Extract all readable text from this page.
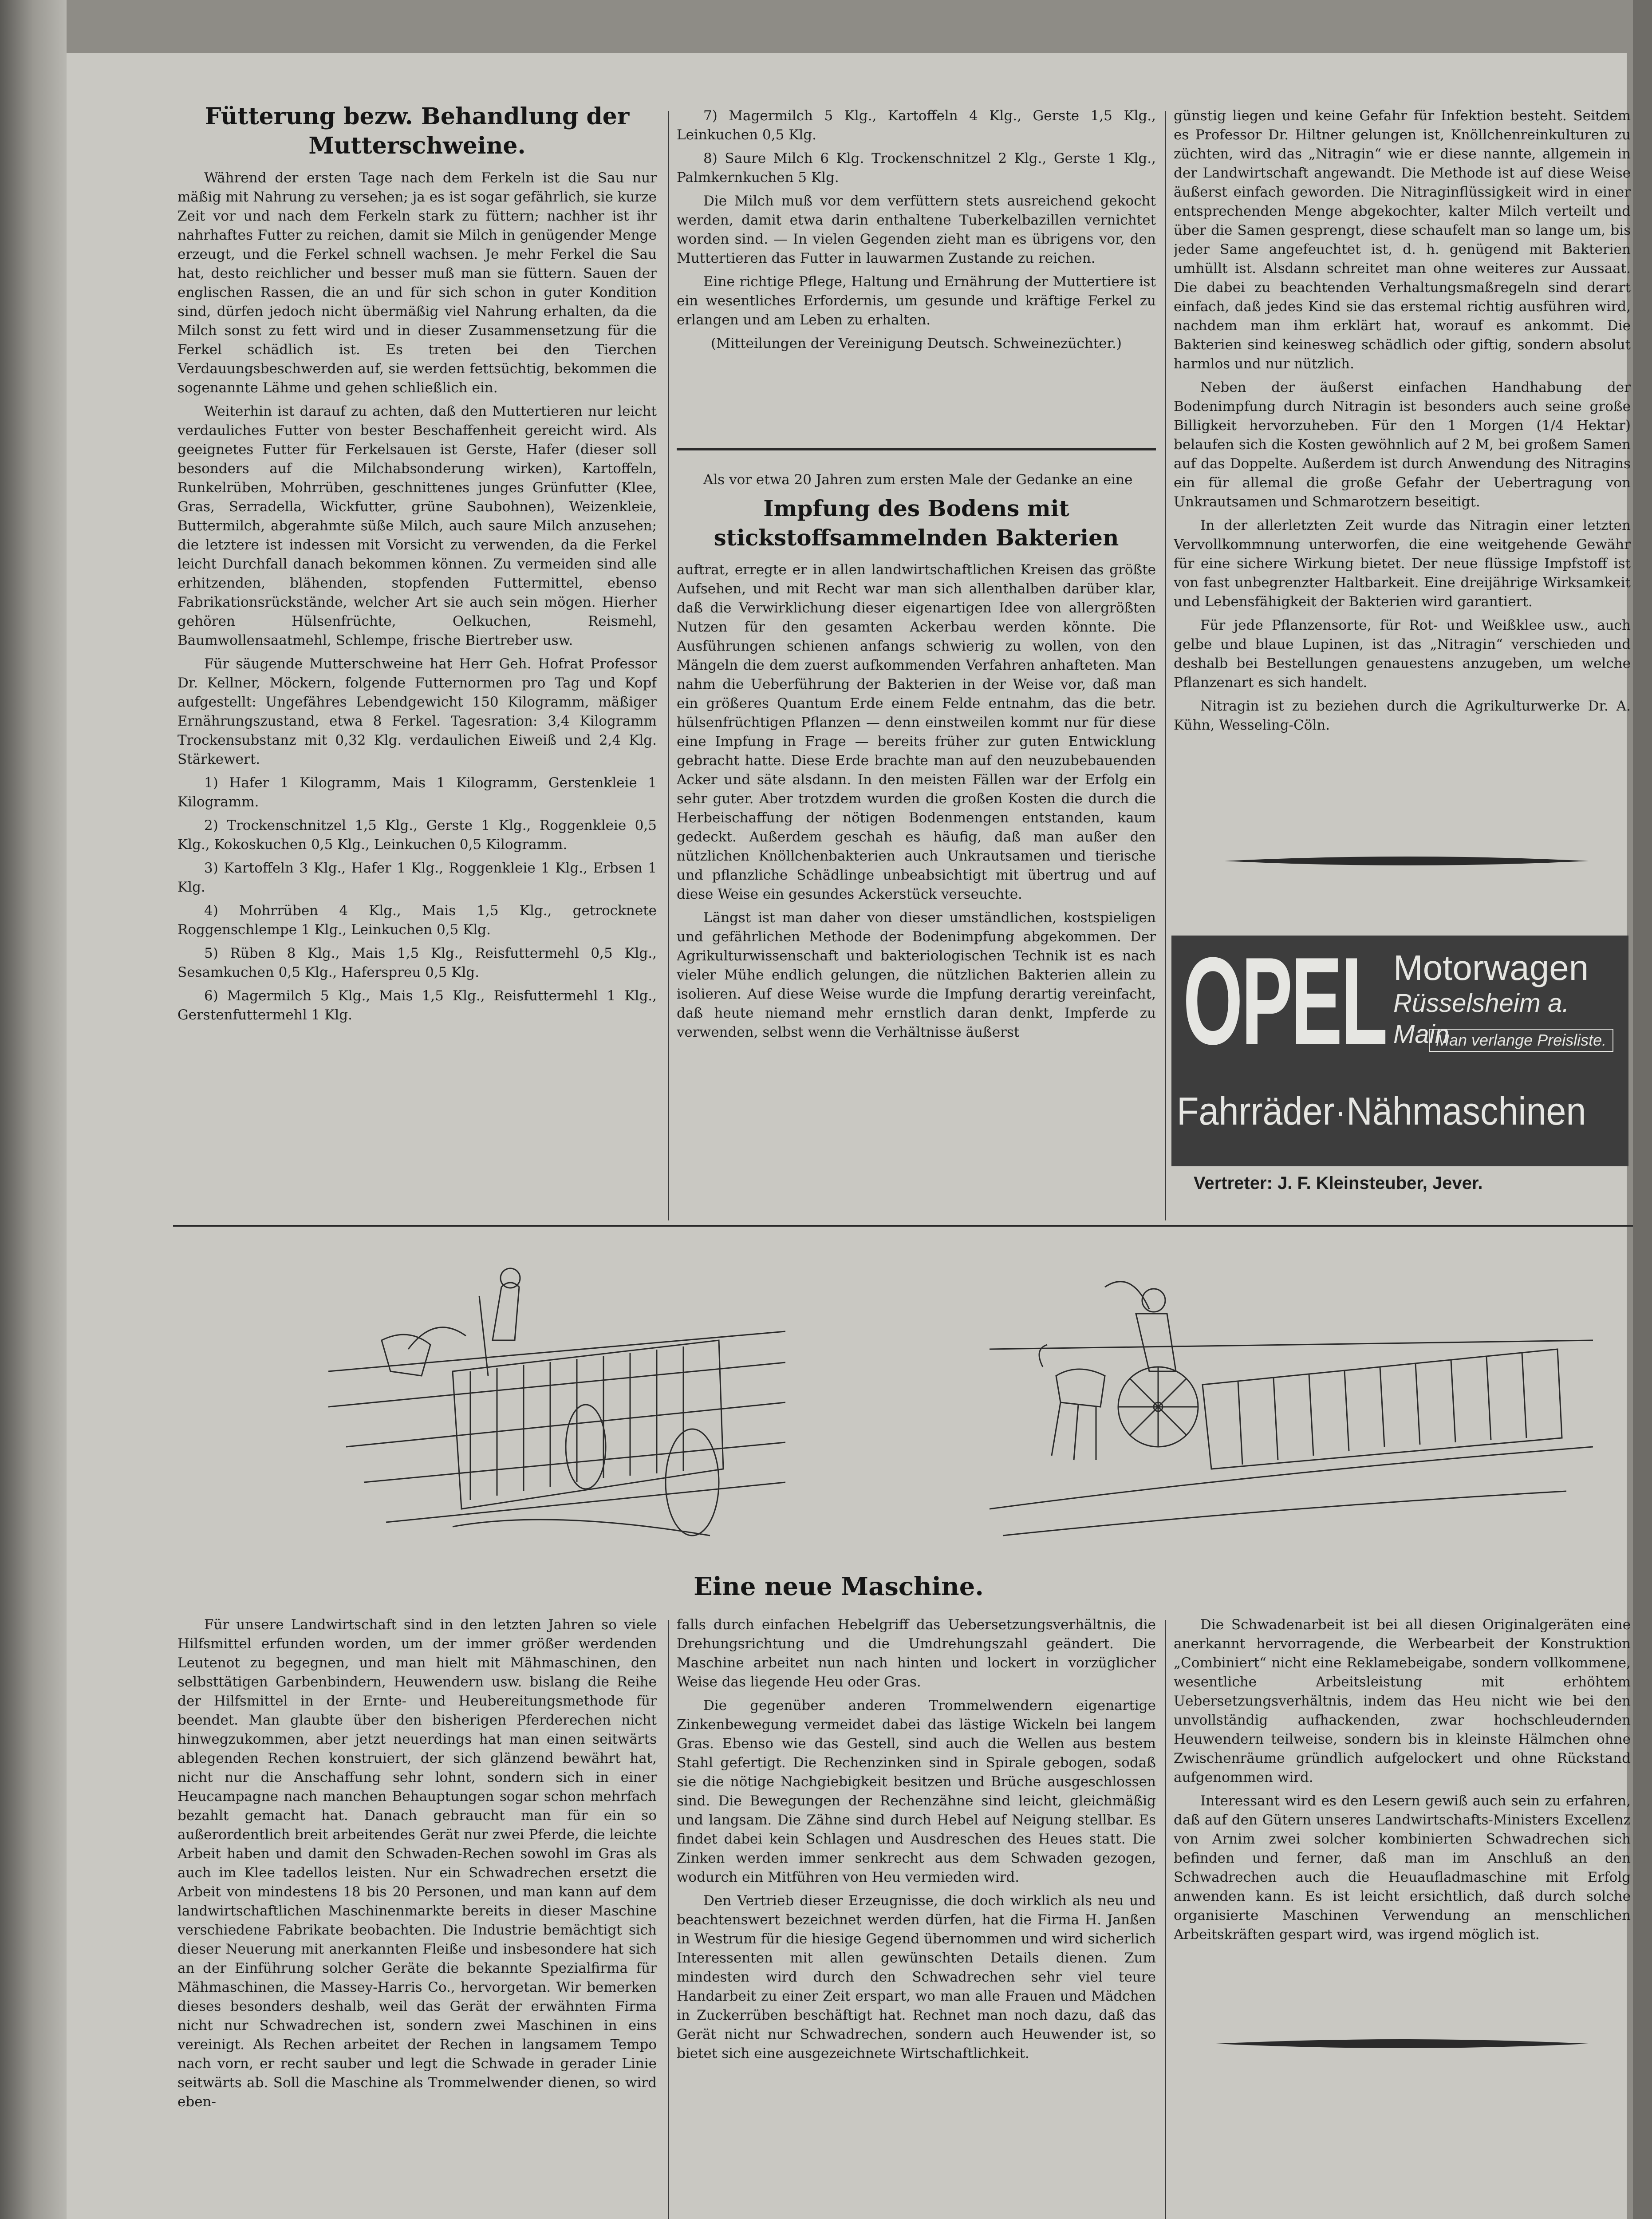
Fütterung bezw. Behandlung der Mutterschweine.

Während der ersten Tage nach dem Ferkeln ist die Sau nur mäßig mit Nahrung zu versehen; ja es ist sogar gefährlich, sie kurze Zeit vor und nach dem Ferkeln stark zu füttern; nachher ist ihr nahrhaftes Futter zu reichen, damit sie Milch in genügender Menge erzeugt, und die Ferkel schnell wachsen. Je mehr Ferkel die Sau hat, desto reichlicher und besser muß man sie füttern. Sauen der englischen Rassen, die an und für sich schon in guter Kondition sind, dürfen jedoch nicht übermäßig viel Nahrung erhalten, da die Milch sonst zu fett wird und in dieser Zusammensetzung für die Ferkel schädlich ist. Es treten bei den Tierchen Verdauungsbeschwerden auf, sie werden fettsüchtig, bekommen die sogenannte Lähme und gehen schließlich ein.

Weiterhin ist darauf zu achten, daß den Muttertieren nur leicht verdauliches Futter von bester Beschaffenheit gereicht wird. Als geeignetes Futter für Ferkelsauen ist Gerste, Hafer (dieser soll besonders auf die Milchabsonderung wirken), Kartoffeln, Runkelrüben, Mohrrüben, geschnittenes junges Grünfutter (Klee, Gras, Serradella, Wickfutter, grüne Saubohnen), Weizenkleie, Buttermilch, abgerahmte süße Milch, auch saure Milch anzusehen; die letztere ist indessen mit Vorsicht zu verwenden, da die Ferkel leicht Durchfall danach bekommen können. Zu vermeiden sind alle erhitzenden, blähenden, stopfenden Futtermittel, ebenso Fabrikationsrückstände, welcher Art sie auch sein mögen. Hierher gehören Hülsenfrüchte, Oelkuchen, Reismehl, Baumwollensaatmehl, Schlempe, frische Biertreber usw.

Für säugende Mutterschweine hat Herr Geh. Hofrat Professor Dr. Kellner, Möckern, folgende Futternormen pro Tag und Kopf aufgestellt: Ungefähres Lebendgewicht 150 Kilogramm, mäßiger Ernährungszustand, etwa 8 Ferkel. Tagesration: 3,4 Kilogramm Trockensubstanz mit 0,32 Klg. verdaulichen Eiweiß und 2,4 Klg. Stärkewert.

1) Hafer 1 Kilogramm, Mais 1 Kilogramm, Gerstenkleie 1 Kilogramm.

2) Trockenschnitzel 1,5 Klg., Gerste 1 Klg., Roggenkleie 0,5 Klg., Kokoskuchen 0,5 Klg., Leinkuchen 0,5 Kilogramm.

3) Kartoffeln 3 Klg., Hafer 1 Klg., Roggenkleie 1 Klg., Erbsen 1 Klg.

4) Mohrrüben 4 Klg., Mais 1,5 Klg., getrocknete Roggenschlempe 1 Klg., Leinkuchen 0,5 Klg.

5) Rüben 8 Klg., Mais 1,5 Klg., Reisfuttermehl 0,5 Klg., Sesamkuchen 0,5 Klg., Haferspreu 0,5 Klg.

6) Magermilch 5 Klg., Mais 1,5 Klg., Reisfuttermehl 1 Klg., Gerstenfuttermehl 1 Klg.

7) Magermilch 5 Klg., Kartoffeln 4 Klg., Gerste 1,5 Klg., Leinkuchen 0,5 Klg.

8) Saure Milch 6 Klg. Trockenschnitzel 2 Klg., Gerste 1 Klg., Palmkernkuchen 5 Klg.

Die Milch muß vor dem verfüttern stets ausreichend gekocht werden, damit etwa darin enthaltene Tuberkelbazillen vernichtet worden sind. — In vielen Gegenden zieht man es übrigens vor, den Muttertieren das Futter in lauwarmen Zustande zu reichen.

Eine richtige Pflege, Haltung und Ernährung der Muttertiere ist ein wesentliches Erfordernis, um gesunde und kräftige Ferkel zu erlangen und am Leben zu erhalten.

(Mitteilungen der Vereinigung Deutsch. Schweinezüchter.)

Als vor etwa 20 Jahren zum ersten Male der Gedanke an eine

Impfung des Bodens mit stickstoffsammelnden Bakterien

auftrat, erregte er in allen landwirtschaftlichen Kreisen das größte Aufsehen, und mit Recht war man sich allenthalben darüber klar, daß die Verwirklichung dieser eigenartigen Idee von allergrößten Nutzen für den gesamten Ackerbau werden könnte. Die Ausführungen schienen anfangs schwierig zu wollen, von den Mängeln die dem zuerst aufkommenden Verfahren anhafteten. Man nahm die Ueberführung der Bakterien in der Weise vor, daß man ein größeres Quantum Erde einem Felde entnahm, das die betr. hülsenfrüchtigen Pflanzen — denn einstweilen kommt nur für diese eine Impfung in Frage — bereits früher zur guten Entwicklung gebracht hatte. Diese Erde brachte man auf den neuzubebauenden Acker und säte alsdann. In den meisten Fällen war der Erfolg ein sehr guter. Aber trotzdem wurden die großen Kosten die durch die Herbeischaffung der nötigen Bodenmengen entstanden, kaum gedeckt. Außerdem geschah es häufig, daß man außer den nützlichen Knöllchenbakterien auch Unkrautsamen und tierische und pflanzliche Schädlinge unbeabsichtigt mit übertrug und auf diese Weise ein gesundes Ackerstück verseuchte.

Längst ist man daher von dieser umständlichen, kostspieligen und gefährlichen Methode der Bodenimpfung abgekommen. Der Agrikulturwissenschaft und bakteriologischen Technik ist es nach vieler Mühe endlich gelungen, die nützlichen Bakterien allein zu isolieren. Auf diese Weise wurde die Impfung derartig vereinfacht, daß heute niemand mehr ernstlich daran denkt, Impferde zu verwenden, selbst wenn die Verhältnisse äußerst

günstig liegen und keine Gefahr für Infektion besteht. Seitdem es Professor Dr. Hiltner gelungen ist, Knöllchenreinkulturen zu züchten, wird das „Nitragin“ wie er diese nannte, allgemein in der Landwirtschaft angewandt. Die Methode ist auf diese Weise äußerst einfach geworden. Die Nitraginflüssigkeit wird in einer entsprechenden Menge abgekochter, kalter Milch verteilt und über die Samen gesprengt, diese schaufelt man so lange um, bis jeder Same angefeuchtet ist, d. h. genügend mit Bakterien umhüllt ist. Alsdann schreitet man ohne weiteres zur Aussaat. Die dabei zu beachtenden Verhaltungsmaßregeln sind derart einfach, daß jedes Kind sie das erstemal richtig ausführen wird, nachdem man ihm erklärt hat, worauf es ankommt. Die Bakterien sind keinesweg schädlich oder giftig, sondern absolut harmlos und nur nützlich.

Neben der äußerst einfachen Handhabung der Bodenimpfung durch Nitragin ist besonders auch seine große Billigkeit hervorzuheben. Für den 1 Morgen (1/4 Hektar) belaufen sich die Kosten gewöhnlich auf 2 M, bei großem Samen auf das Doppelte. Außerdem ist durch Anwendung des Nitragins ein für allemal die große Gefahr der Uebertragung von Unkrautsamen und Schmarotzern beseitigt.

In der allerletzten Zeit wurde das Nitragin einer letzten Vervollkommnung unterworfen, die eine weitgehende Gewähr für eine sichere Wirkung bietet. Der neue flüssige Impfstoff ist von fast unbegrenzter Haltbarkeit. Eine dreijährige Wirksamkeit und Lebensfähigkeit der Bakterien wird garantiert.

Für jede Pflanzensorte, für Rot- und Weißklee usw., auch gelbe und blaue Lupinen, ist das „Nitragin“ verschieden und deshalb bei Bestellungen genauestens anzugeben, um welche Pflanzenart es sich handelt.

Nitragin ist zu beziehen durch die Agrikulturwerke Dr. A. Kühn, Wesseling-Cöln.

OPEL Motorwagen
Rüsselsheim a. Main
Man verlange Preisliste.
Fahrräder·Nähmaschinen
Vertreter: J. F. Kleinsteuber, Jever.
Eine neue Maschine.

Für unsere Landwirtschaft sind in den letzten Jahren so viele Hilfsmittel erfunden worden, um der immer größer werdenden Leutenot zu begegnen, und man hielt mit Mähmaschinen, den selbsttätigen Garbenbindern, Heuwendern usw. bislang die Reihe der Hilfsmittel in der Ernte- und Heubereitungsmethode für beendet. Man glaubte über den bisherigen Pferderechen nicht hinwegzukommen, aber jetzt neuerdings hat man einen seitwärts ablegenden Rechen konstruiert, der sich glänzend bewährt hat, nicht nur die Anschaffung sehr lohnt, sondern sich in einer Heucampagne nach manchen Behauptungen sogar schon mehrfach bezahlt gemacht hat. Danach gebraucht man für ein so außerordentlich breit arbeitendes Gerät nur zwei Pferde, die leichte Arbeit haben und damit den Schwaden-Rechen sowohl im Gras als auch im Klee tadellos leisten. Nur ein Schwadrechen ersetzt die Arbeit von mindestens 18 bis 20 Personen, und man kann auf dem landwirtschaftlichen Maschinenmarkte bereits in dieser Maschine verschiedene Fabrikate beobachten. Die Industrie bemächtigt sich dieser Neuerung mit anerkannten Fleiße und insbesondere hat sich an der Einführung solcher Geräte die bekannte Spezialfirma für Mähmaschinen, die Massey-Harris Co., hervorgetan. Wir bemerken dieses besonders deshalb, weil das Gerät der erwähnten Firma nicht nur Schwadrechen ist, sondern zwei Maschinen in eins vereinigt. Als Rechen arbeitet der Rechen in langsamem Tempo nach vorn, er recht sauber und legt die Schwade in gerader Linie seitwärts ab. Soll die Maschine als Trommelwender dienen, so wird eben-

falls durch einfachen Hebelgriff das Uebersetzungsverhältnis, die Drehungsrichtung und die Umdrehungszahl geändert. Die Maschine arbeitet nun nach hinten und lockert in vorzüglicher Weise das liegende Heu oder Gras.

Die gegenüber anderen Trommelwendern eigenartige Zinkenbewegung vermeidet dabei das lästige Wickeln bei langem Gras. Ebenso wie das Gestell, sind auch die Wellen aus bestem Stahl gefertigt. Die Rechenzinken sind in Spirale gebogen, sodaß sie die nötige Nachgiebigkeit besitzen und Brüche ausgeschlossen sind. Die Bewegungen der Rechenzähne sind leicht, gleichmäßig und langsam. Die Zähne sind durch Hebel auf Neigung stellbar. Es findet dabei kein Schlagen und Ausdreschen des Heues statt. Die Zinken werden immer senkrecht aus dem Schwaden gezogen, wodurch ein Mitführen von Heu vermieden wird.

Den Vertrieb dieser Erzeugnisse, die doch wirklich als neu und beachtenswert bezeichnet werden dürfen, hat die Firma H. Janßen in Westrum für die hiesige Gegend übernommen und wird sicherlich Interessenten mit allen gewünschten Details dienen. Zum mindesten wird durch den Schwadrechen sehr viel teure Handarbeit zu einer Zeit erspart, wo man alle Frauen und Mädchen in Zuckerrüben beschäftigt hat. Rechnet man noch dazu, daß das Gerät nicht nur Schwadrechen, sondern auch Heuwender ist, so bietet sich eine ausgezeichnete Wirtschaftlichkeit.

Die Schwadenarbeit ist bei all diesen Originalgeräten eine anerkannt hervorragende, die Werbearbeit der Konstruktion „Combiniert“ nicht eine Reklamebeigabe, sondern vollkommene, wesentliche Arbeitsleistung mit erhöhtem Uebersetzungsverhältnis, indem das Heu nicht wie bei den unvollständig aufhackenden, zwar hochschleudernden Heuwendern teilweise, sondern bis in kleinste Hälmchen ohne Zwischenräume gründlich aufgelockert und ohne Rückstand aufgenommen wird.

Interessant wird es den Lesern gewiß auch sein zu erfahren, daß auf den Gütern unseres Landwirtschafts-Ministers Excellenz von Arnim zwei solcher kombinierten Schwadrechen sich befinden und ferner, daß man im Anschluß an den Schwadrechen auch die Heuaufladmaschine mit Erfolg anwenden kann. Es ist leicht ersichtlich, daß durch solche organisierte Maschinen Verwendung an menschlichen Arbeitskräften gespart wird, was irgend möglich ist.
